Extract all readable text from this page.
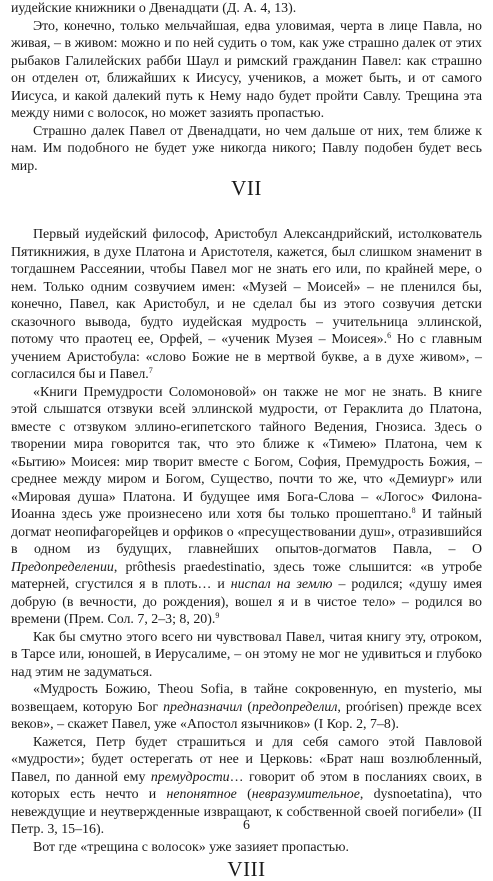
иудейские книжники о Двенадцати (Д. А. 4, 13).

Это, конечно, только мельчайшая, едва уловимая, черта в лице Павла, но живая, – в живом: можно и по ней судить о том, как уже страшно далек от этих рыбаков Галилейских рабби Шаул и римский гражданин Павел: как страшно он отделен от, ближайших к Иисусу, учеников, а может быть, и от самого Иисуса, и какой далекий путь к Нему надо будет пройти Савлу. Трещина эта между ними с волосок, но может зазиять пропастью.

Страшно далек Павел от Двенадцати, но чем дальше от них, тем ближе к нам. Им подобного не будет уже никогда никого; Павлу подобен будет весь мир.

VII

Первый иудейский философ, Аристобул Александрийский, истолкователь Пятикнижия, в духе Платона и Аристотеля, кажется, был слишком знаменит в тогдашнем Рассеянии, чтобы Павел мог не знать его или, по крайней мере, о нем. Только одним созвучием имен: «Музей – Моисей» – не пленился бы, конечно, Павел, как Аристобул, и не сделал бы из этого созвучия детски сказочного вывода, будто иудейская мудрость – учительница эллинской, потому что праотец ее, Орфей, – «ученик Музея – Моисея».$^6$ Но с главным учением Аристобула: «слово Божие не в мертвой букве, а в духе живом», – согласился бы и Павел.$^7$

«Книги Премудрости Соломоновой» он также не мог не знать. В книге этой слышатся отзвуки всей эллинской мудрости, от Гераклита до Платона, вместе с отзвуком эллино-египетского тайного Ведения, Гнозиса. Здесь о творении мира говорится так, что это ближе к «Тимею» Платона, чем к «Бытию» Моисея: мир творит вместе с Богом, София, Премудрость Божия, – среднее между миром и Богом, Существо, почти то же, что «Демиург» или «Мировая душа» Платона. И будущее имя Бога-Слова – «Логос» Филона-Иоанна здесь уже произнесено или хотя бы только прошептано.$^8$ И тайный догмат неопифагорейцев и орфиков о «пресуществовании душ», отразившийся в одном из будущих, главнейших опытов-догматов Павла, – О Предопределении, prôthesis praedestinatio, здесь тоже слышится: «в утробе матерней, сгустился я в плоть… и ниспал на землю – родился; «душу имея добрую (в вечности, до рождения), вошел я и в чистое тело» – родился во времени (Прем. Сол. 7, 2–3; 8, 20).$^9$

Как бы смутно этого всего ни чувствовал Павел, читая книгу эту, отроком, в Тарсе или, юношей, в Иерусалиме, – он этому не мог не удивиться и глубоко над этим не задуматься.

«Мудрость Божию, Theou Sofia, в тайне сокровенную, en mysterio, мы возвещаем, которую Бог предназначил (предопределил, proórisen) прежде всех веков», – скажет Павел, уже «Апостол язычников» (I Кор. 2, 7–8).

Кажется, Петр будет страшиться и для себя самого этой Павловой «мудрости»; будет остерегать от нее и Церковь: «Брат наш возлюбленный, Павел, по данной ему премудрости… говорит об этом в посланиях своих, в которых есть нечто и непонятное (невразумительное, dysnoetatina), что невеждущие и неутвержденные извращают, к собственной своей погибели» (II Петр. 3, 15–16).

Вот где «трещина с волосок» уже зазияет пропастью.

VIII
6
